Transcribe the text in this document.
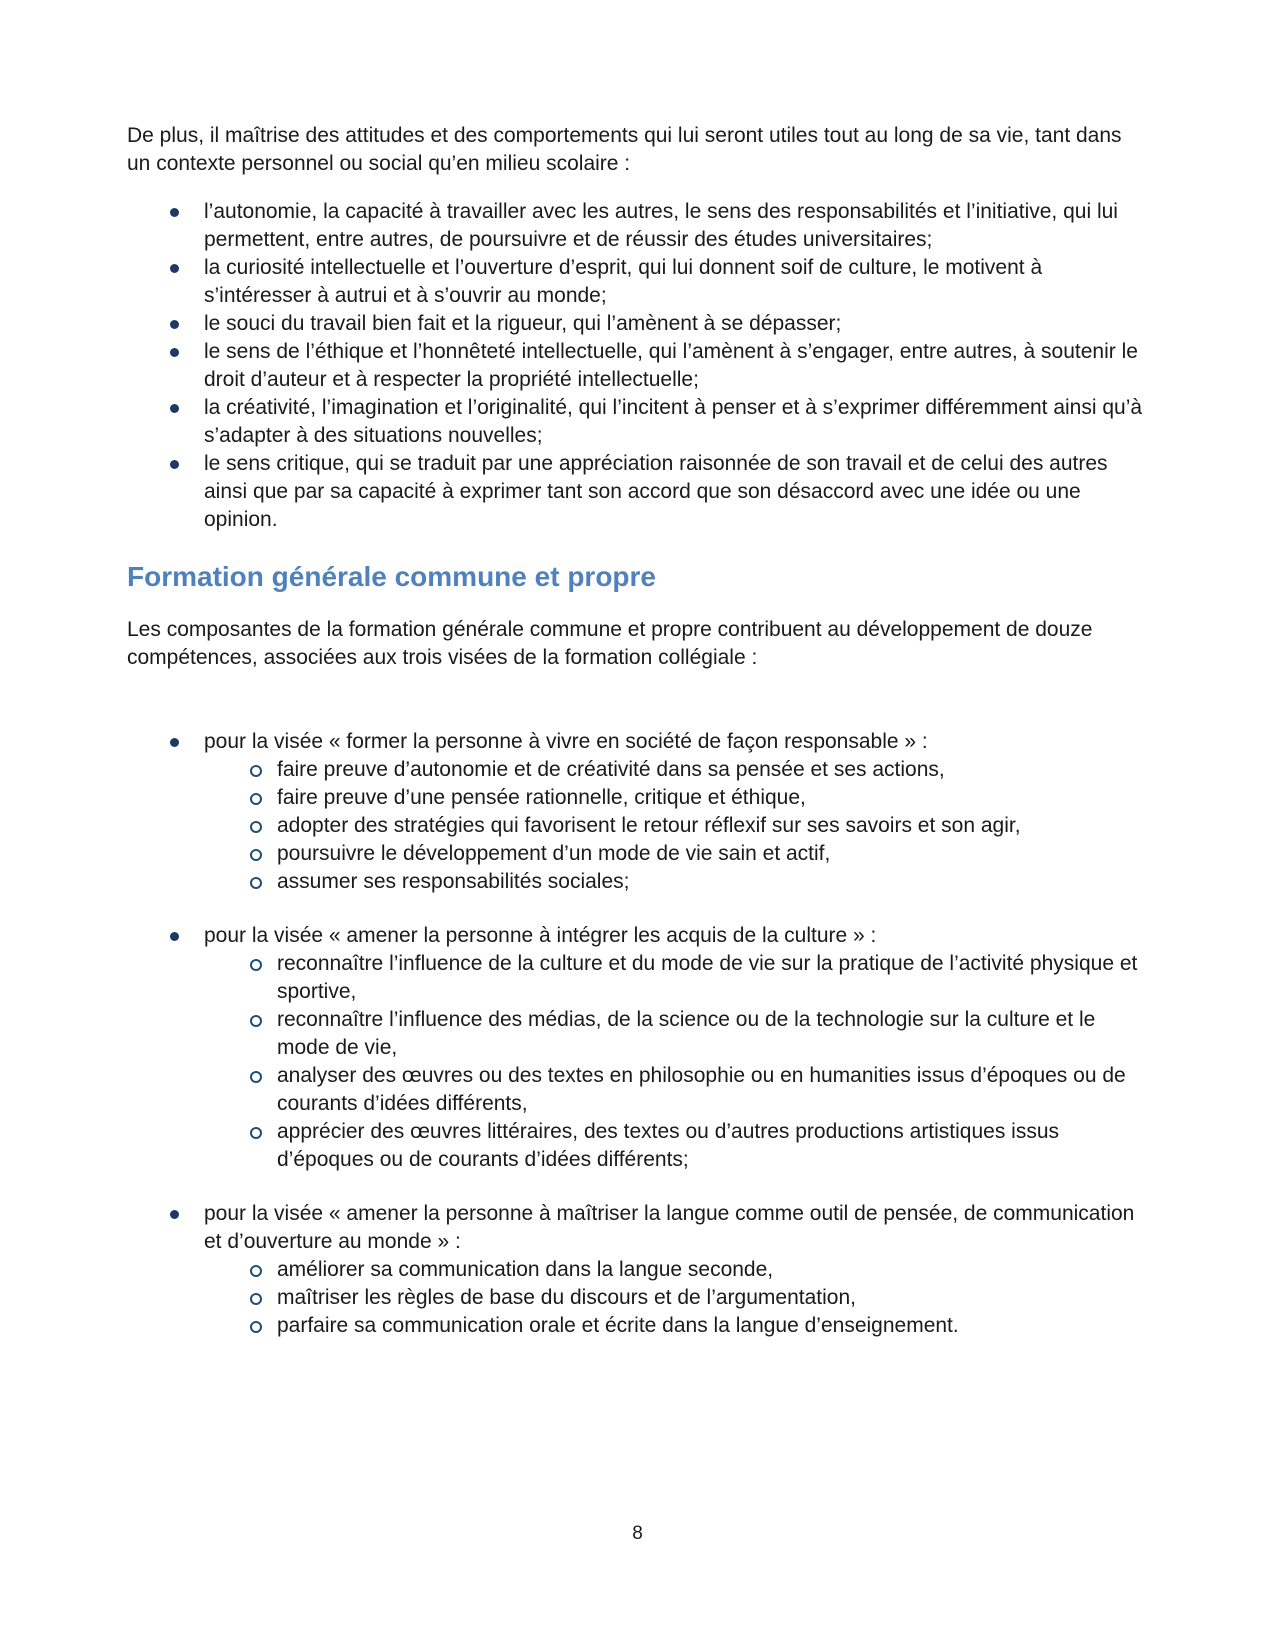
De plus, il maîtrise des attitudes et des comportements qui lui seront utiles tout au long de sa vie, tant dans un contexte personnel ou social qu’en milieu scolaire :

l’autonomie, la capacité à travailler avec les autres, le sens des responsabilités et l’initiative, qui lui permettent, entre autres, de poursuivre et de réussir des études universitaires;
la curiosité intellectuelle et l’ouverture d’esprit, qui lui donnent soif de culture, le motivent à s’intéresser à autrui et à s’ouvrir au monde;
le souci du travail bien fait et la rigueur, qui l’amènent à se dépasser;
le sens de l’éthique et l’honnêteté intellectuelle, qui l’amènent à s’engager, entre autres, à soutenir le droit d’auteur et à respecter la propriété intellectuelle;
la créativité, l’imagination et l’originalité, qui l’incitent à penser et à s’exprimer différemment ainsi qu’à s’adapter à des situations nouvelles;
le sens critique, qui se traduit par une appréciation raisonnée de son travail et de celui des autres ainsi que par sa capacité à exprimer tant son accord que son désaccord avec une idée ou une opinion.
Formation générale commune et propre

Les composantes de la formation générale commune et propre contribuent au développement de douze compétences, associées aux trois visées de la formation collégiale :

pour la visée « former la personne à vivre en société de façon responsable » :
faire preuve d’autonomie et de créativité dans sa pensée et ses actions,
faire preuve d’une pensée rationnelle, critique et éthique,
adopter des stratégies qui favorisent le retour réflexif sur ses savoirs et son agir,
poursuivre le développement d’un mode de vie sain et actif,
assumer ses responsabilités sociales;
pour la visée « amener la personne à intégrer les acquis de la culture » :
reconnaître l’influence de la culture et du mode de vie sur la pratique de l’activité physique et sportive,
reconnaître l’influence des médias, de la science ou de la technologie sur la culture et le mode de vie,
analyser des œuvres ou des textes en philosophie ou en humanities issus d’époques ou de courants d’idées différents,
apprécier des œuvres littéraires, des textes ou d’autres productions artistiques issus d’époques ou de courants d’idées différents;
pour la visée « amener la personne à maîtriser la langue comme outil de pensée, de communication et d’ouverture au monde » :
améliorer sa communication dans la langue seconde,
maîtriser les règles de base du discours et de l’argumentation,
parfaire sa communication orale et écrite dans la langue d’enseignement.
8
